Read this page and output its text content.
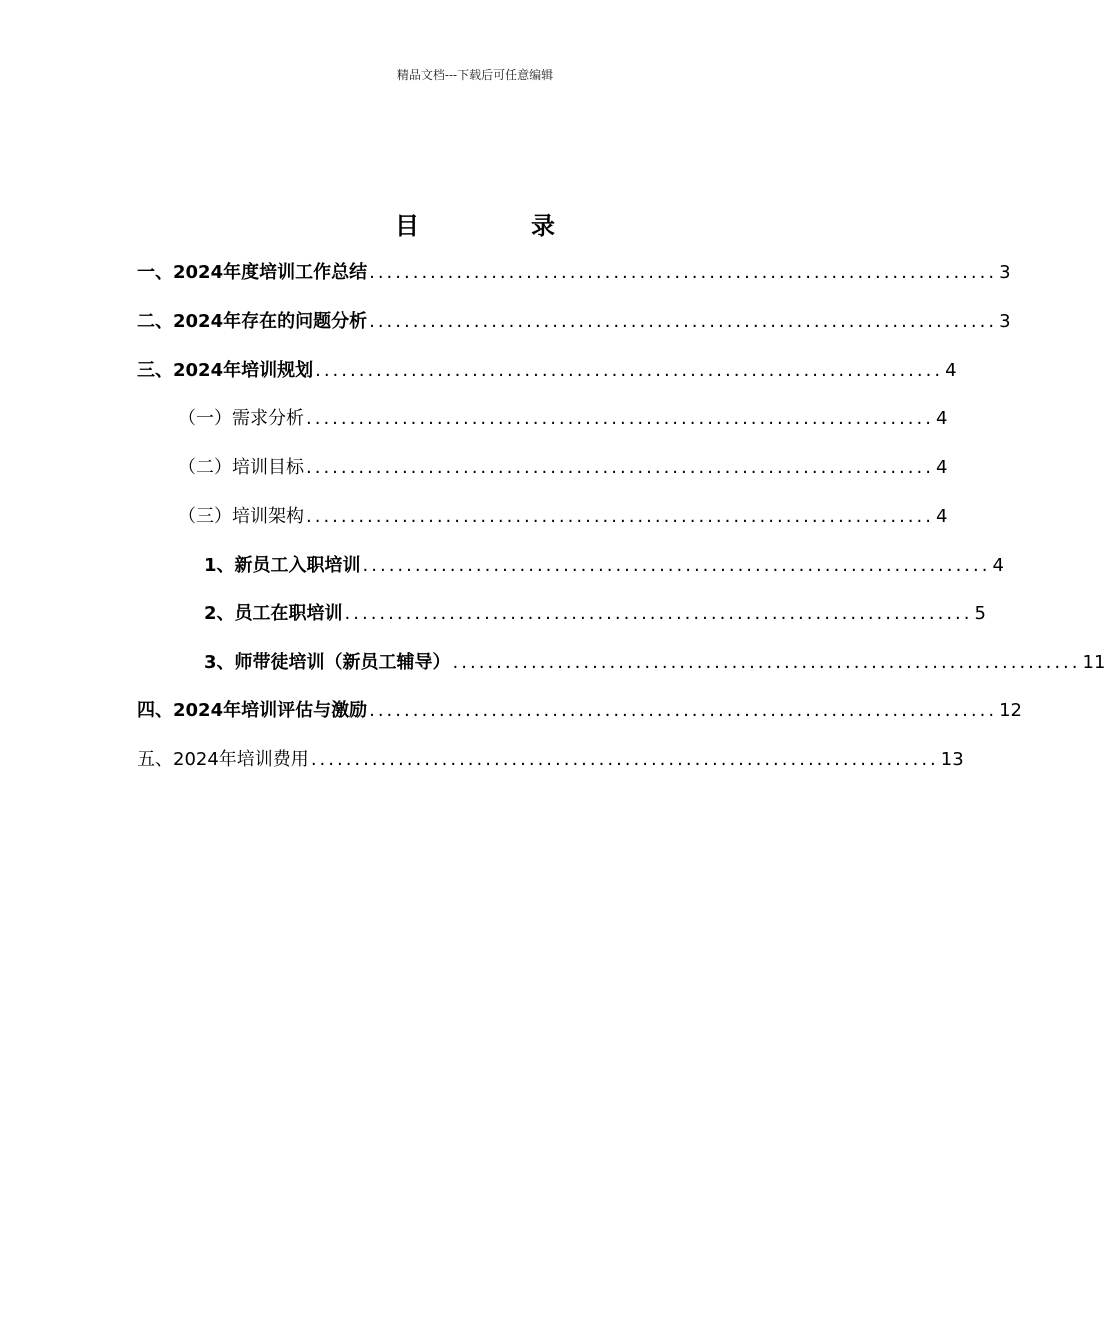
精品文档---下载后可任意编辑
目　录
一、2024年度培训工作总结 ........................................................................ 3
二、2024年存在的问题分析 ........................................................................ 3
三、2024年培训规划 ........................................................................ 4
（一）需求分析 ........................................................................ 4
（二）培训目标 ........................................................................ 4
（三）培训架构 ........................................................................ 4
1、新员工入职培训 ........................................................................ 4
2、员工在职培训 ........................................................................ 5
3、师带徒培训（新员工辅导） ........................................................................ 11
四、2024年培训评估与激励 ........................................................................ 12
五、2024年培训费用 ........................................................................ 13
